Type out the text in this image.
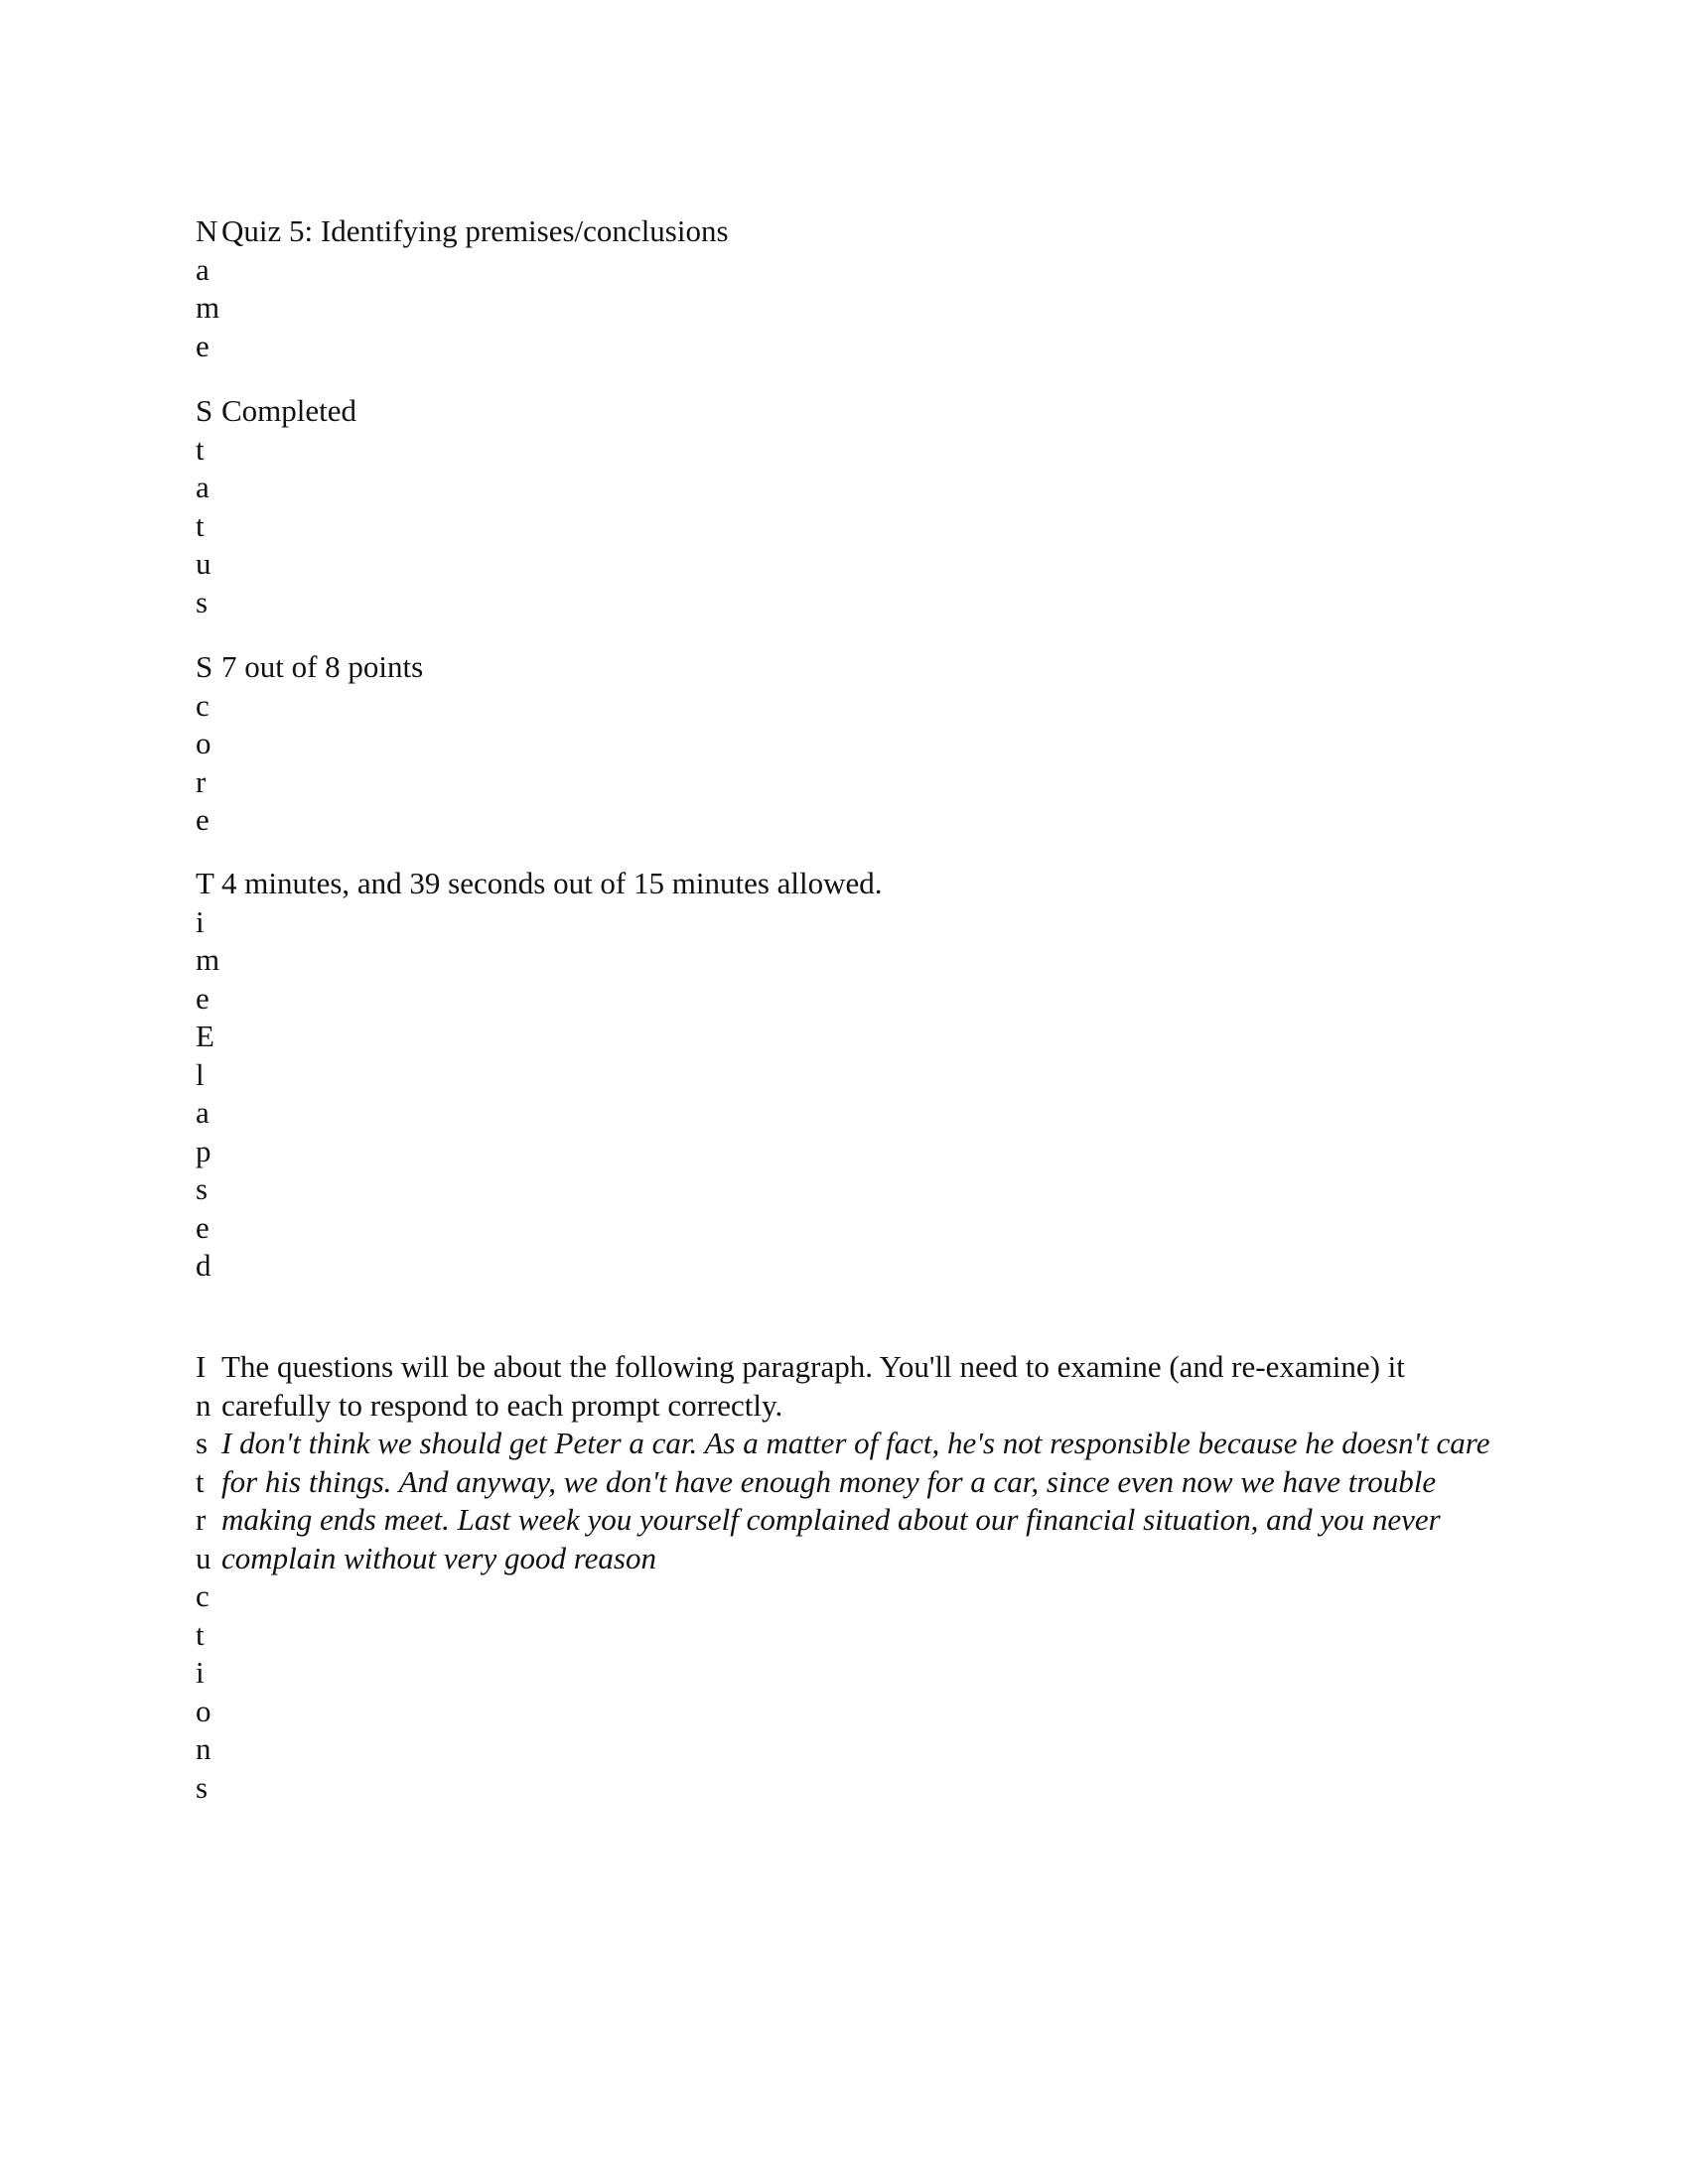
Name
Quiz 5: Identifying premises/conclusions
Status
Completed
Score
7 out of 8 points
Time Elapsed
4 minutes, and 39 seconds out of 15 minutes allowed.
Instructions
The questions will be about the following paragraph. You'll need to examine (and re-examine) it carefully to respond to each prompt correctly.
I don't think we should get Peter a car. As a matter of fact, he's not responsible because he doesn't care for his things. And anyway, we don't have enough money for a car, since even now we have trouble making ends meet. Last week you yourself complained about our financial situation, and you never complain without very good reason
